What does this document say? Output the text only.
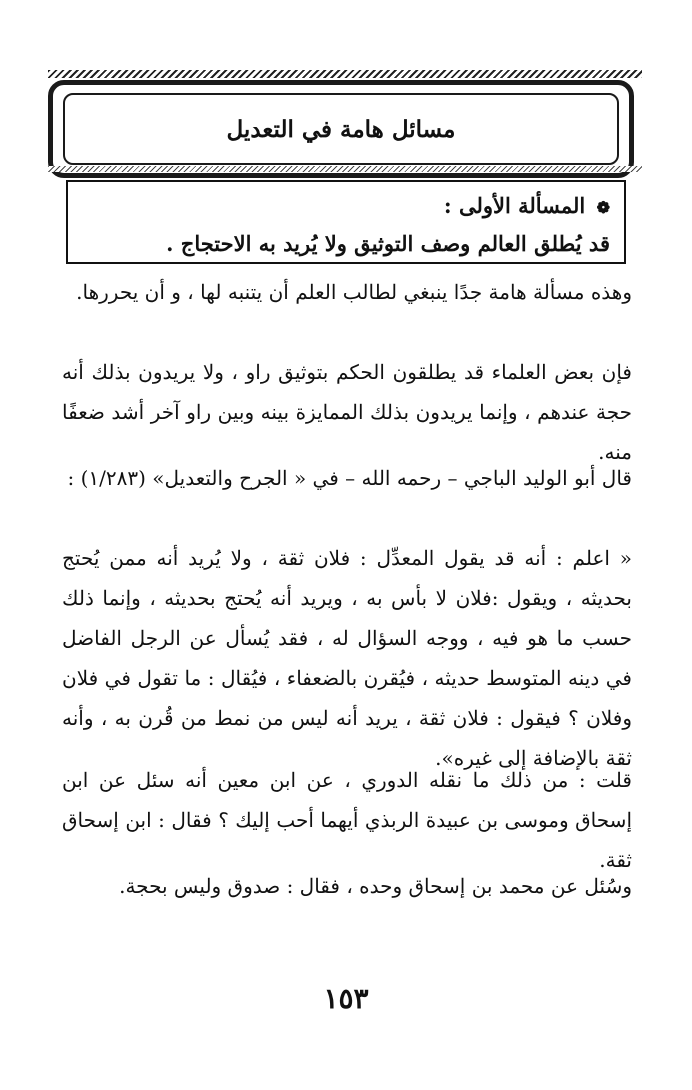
مسائل هامة في التعديل
❁ المسألة الأولى :
قد يُطلق العالم وصف التوثيق ولا يُريد به الاحتجاج .
وهذه مسألة هامة جدًا ينبغي لطالب العلم أن يتنبه لها ، و أن يحررها.
فإن بعض العلماء قد يطلقون الحكم بتوثيق راو ، ولا يريدون بذلك أنه حجة عندهم ، وإنما يريدون بذلك الممايزة بينه وبين راو آخر أشد ضعفًا منه.
قال أبو الوليد الباجي – رحمه الله – في « الجرح والتعديل» (١/٢٨٣) :
« اعلم : أنه قد يقول المعدِّل : فلان ثقة ، ولا يُريد أنه ممن يُحتج بحديثه ، ويقول :فلان لا بأس به ، ويريد أنه يُحتج بحديثه ، وإنما ذلك حسب ما هو فيه ، ووجه السؤال له ، فقد يُسأل عن الرجل الفاضل في دينه المتوسط حديثه ، فيُقرن بالضعفاء ، فيُقال : ما تقول في فلان وفلان ؟ فيقول : فلان ثقة ، يريد أنه ليس من نمط من قُرن به ، وأنه ثقة بالإضافة إلى غيره».
قلت : من ذلك ما نقله الدوري ، عن ابن معين أنه سئل عن ابن إسحاق وموسى بن عبيدة الربذي أيهما أحب إليك ؟ فقال : ابن إسحاق ثقة.
وسُئل عن محمد بن إسحاق وحده ، فقال : صدوق وليس بحجة.
١٥٣
